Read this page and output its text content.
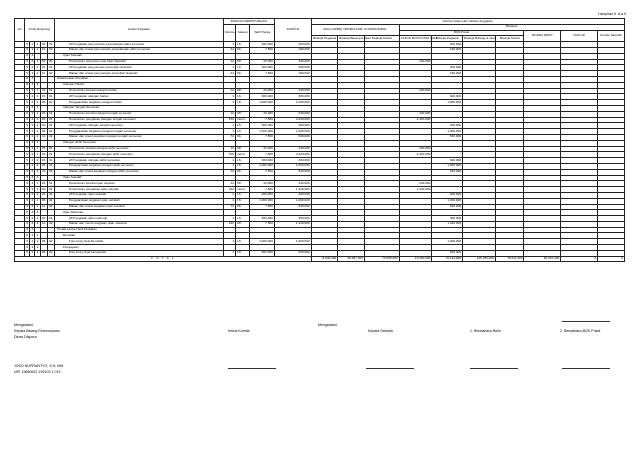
Lampiran II .d.a II
No	Kode Rekening					Uraian Kegiatan	RINCIAN PERHITUNGAN			JUMLAH	Sumber Dana dan Alokasi Anggaran									
							Volume	Satuan	Tarif/ Harga		Rutin (APBD) / BOSDA KAB. GUNUNGKIDUL			Bantuan						
														BOS Pusat				BOSDA PROP	DAK/ dll	Komite Sekolah
											Belanja Pegawai	Belanja Barang & Jasa	Belanja Modal	SALDO BOS PUSAT 2013	Belanja Pegawai	Belanja Barang & Jasa	Belanja Modal			
	5	2	2	01	01	ATK kegiatan penyusunan soal ulangan akhir semester	1	LS	200.000	200.000					200.000					
	5	2	2	11	02	Makan dan snack penyusunan soal ulangan akhir semester	24	Ok	7.500	180.000					180.000					
	8	4				Ujian Sekolah														
	5	2	1	01	01	Honorarium penyusun soal Ujian Sekolah	12	OK	20.000	240.000				240.000						
	5	2	2	01	01	ATK kegiatan penyusunan soal Ujian Sekolah	1	LS	300.000	300.000					300.000					
	5	2	2	11	02	Makan dan snack penyusunan soal Ujian Sekolah	24	Ok	7.500	180.000					180.000					
	8	3				Pelaksanaan Penilaian														
	8	3	1			Ulangan Harian														
	5	2	1	01	01	Honorarium koreksi ulangan harian	12	OK	20.000	240.000				240.000						
	5	2	2	01	01	ATK kegiatan ulangan harian	1	LS	300.000	300.000					300.000					
	5	2	2	06	02	Penggandaan kegiatan ulangan harian	1	LS	1.000.000	1.000.000					1.000.000					
	8	3	2			Ulangan Tengah Semester														
	5	2	1	01	01	Honorarium koreksi ulangan tengah semester	12	OK	20.000	240.000				240.000						
	5	2	1	01	01	Honorarium pengawas ulangan tengah semester	576	menit	7.500	4.320.000				4.320.000						
	5	2	2	01	01	ATK kegiatan ulangan tengah semester	1	LS	300.000	300.000					300.000					
	5	2	2	06	02	Penggandaan kegiatan ulangan tengah semester	1	LS	1.000.000	1.000.000					1.000.000					
	5	2	2	11	02	Makan dan snack kegiatan ulangan tengah semester	72	Ok	7.500	540.000					540.000					
	8	3	3			Ulangan Akhir Semester														
	5	2	1	01	01	Honorarium koreksi ulangan akhir semester	12	OK	20.000	240.000				240.000						
	5	2	1	01	01	Honorarium pengawas ulangan akhir semester	576	menit	7.500	4.320.000				4.320.000						
	5	2	2	01	01	ATK kegiatan ulangan akhir semester	1	LS	300.000	300.000					300.000					
	5	2	2	06	02	Penggandaan kegiatan ulangan akhir semester	1	LS	1.000.000	1.000.000					1.000.000					
	5	2	2	11	02	Makan dan snack kegiatan ulangan akhir semester	72	Ok	7.500	540.000					540.000					
	8	3	4			Ujian Sekolah														
	5	2	1	01	01	Honorarium koreksi ujian sekolah	12	OK	20.000	240.000				240.000						
	5	2	1	01	01	Honorarium pengawas ujian sekolah	192	menit	7.500	1.440.000				1.440.000						
	5	2	2	01	01	ATK kegiatan ujian sekolah	1	LS	200.000	200.000					200.000					
	5	2	2	06	02	Penggandaan kegiatan ujian sekolah	1	LS	1.000.000	1.000.000					1.000.000					
	5	2	2	11	02	Makan dan snack kegiatan ujian sekolah	72	Ok	7.500	540.000					540.000					
	8	3	5			Ujian Nasional														
	5	2	2	01	01	ATK kegiatan ujian nasional	1	LS	300.000	300.000					300.000					
	5	2	2	11	02	Makan dan minum kegiatan ujian nasional	192	OK	7.500	1.440.000					1.440.000					
	8	4				Tindak Lanjut Hasil Penilaian														
	8	4	1			Remidial														
	5	2	2	06	02	Foto Copy Soal Remidial	1	LS	1.000.000	1.000.000					1.000.000					
	8	4	2			Pengayaan														
	5	2	2	06	02	Foto Copy Soal pengayaan	1	LS	500.000	500.000					500.000					
T O T A L											8.940.000	69.097.200	73.500.000	13.500.000	76.123.000	125.159.000	76.811.900	50.947.200	0	0
Mengetahui,
Kepala Bidang Perencanaan
Dinas Dikpora
Ketua Komite
Mengetahui,
Kepala Sekolah	1. Bendahara Rutin	2. Bendahara BOS Pusat
JOKO NUPRANTYO, S.H, MM
NIP. 19660612 199103 1 013
